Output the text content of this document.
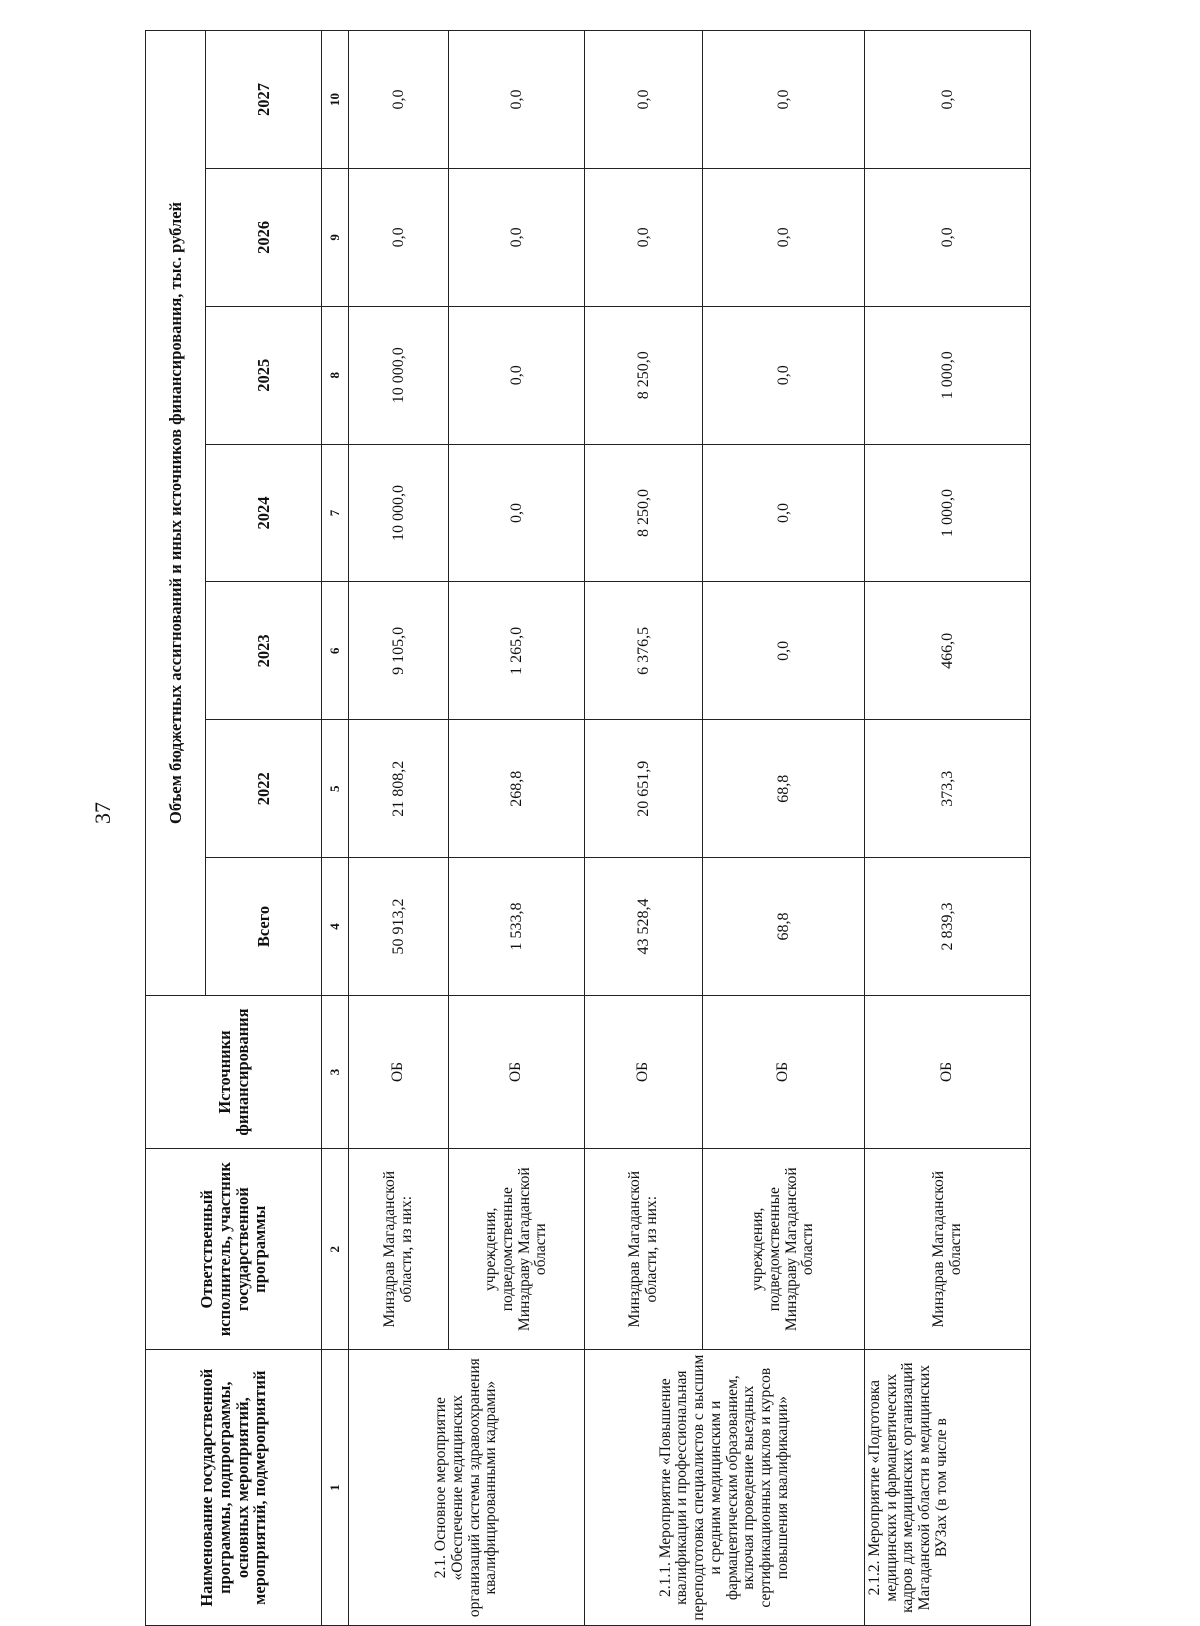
37
Наименование государственной программы, подпрограммы, основных мероприятий, мероприятий, подмероприятий	Ответственный исполнитель, участник государственной программы	Источники финансирования	Объем бюджетных ассигнований и иных источников финансирования, тыс. рублей						
			Всего	2022	2023	2024	2025	2026	2027
1	2	3	4	5	6	7	8	9	10
2.1. Основное мероприятие «Обеспечение медицинских организаций системы здравоохранения квалифицированными кадрами»	Минздрав Магаданской области, из них:	ОБ	50 913,2	21 808,2	9 105,0	10 000,0	10 000,0	0,0	0,0
	учреждения, подведомственные Минздраву Магаданской области	ОБ	1 533,8	268,8	1 265,0	0,0	0,0	0,0	0,0
2.1.1. Мероприятие «Повышение квалификации и профессиональная переподготовка специалистов с высшим и средним медицинским и фармацевтическим образованием, включая проведение выездных сертификационных циклов и курсов повышения квалификации»	Минздрав Магаданской области, из них:	ОБ	43 528,4	20 651,9	6 376,5	8 250,0	8 250,0	0,0	0,0
	учреждения, подведомственные Минздраву Магаданской области	ОБ	68,8	68,8	0,0	0,0	0,0	0,0	0,0
2.1.2. Мероприятие «Подготовка медицинских и фармацевтических кадров для медицинских организаций Магаданской области в медицинских ВУЗах (в том числе в	Минздрав Магаданской области	ОБ	2 839,3	373,3	466,0	1 000,0	1 000,0	0,0	0,0
